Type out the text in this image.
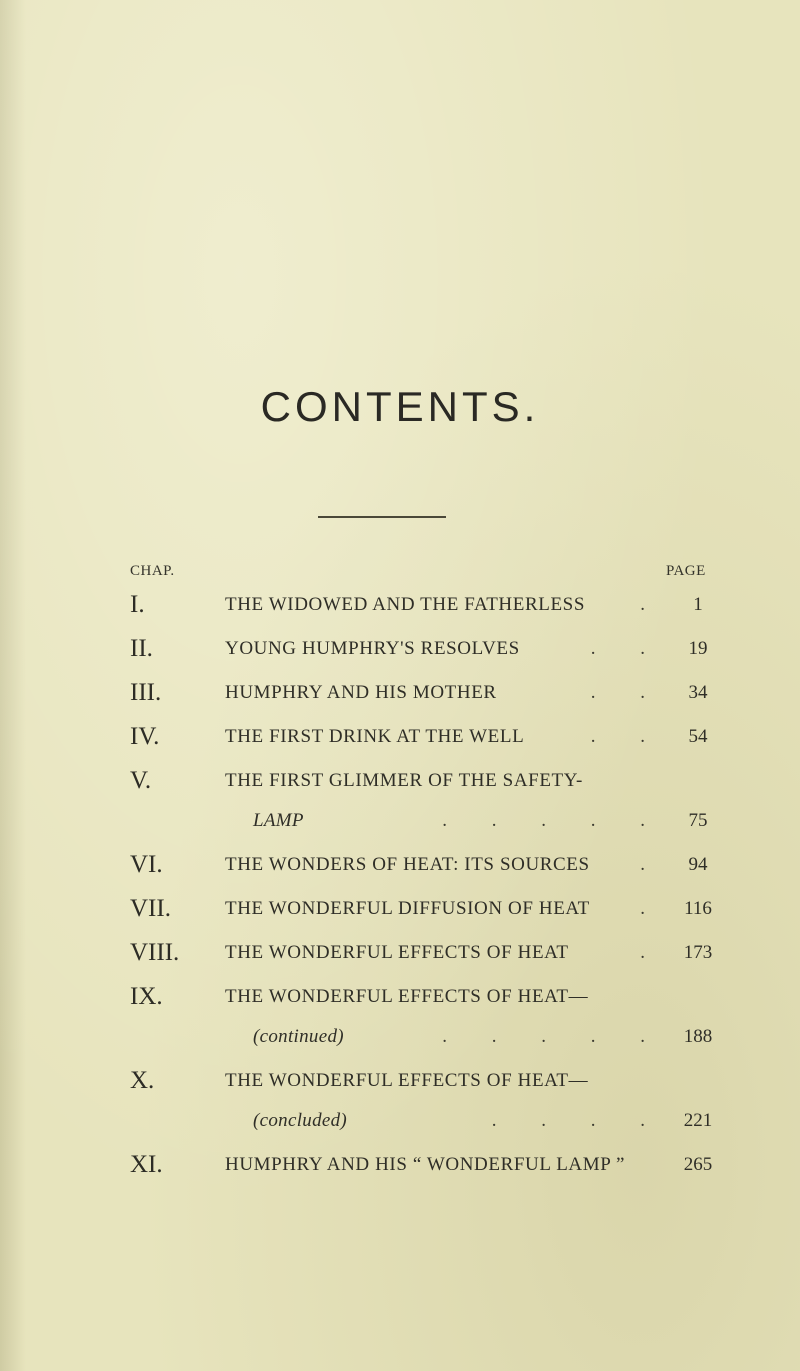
CONTENTS.
CHAP.	PAGE
I.	THE WIDOWED AND THE FATHERLESS	.	1
II.	YOUNG HUMPHRY'S RESOLVES	. .	19
III.	HUMPHRY AND HIS MOTHER	. .	34
IV.	THE FIRST DRINK AT THE WELL	. .	54
V.	THE FIRST GLIMMER OF THE SAFETY-
LAMP	. . . . .	75
VI.	THE WONDERS OF HEAT: ITS SOURCES	.	94
VII.	THE WONDERFUL DIFFUSION OF HEAT	.	116
VIII.	THE WONDERFUL EFFECTS OF HEAT	. 173
IX.	THE WONDERFUL EFFECTS OF HEAT—
(continued)	. . . . . 188
X.	THE WONDERFUL EFFECTS OF HEAT—
(concluded)	. . . . 221
XI.	HUMPHRY AND HIS “ WONDERFUL LAMP ”	265
